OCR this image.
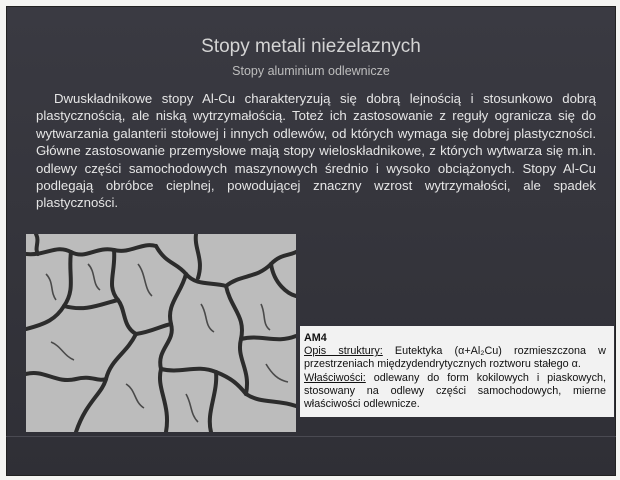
Stopy metali nieżelaznych
Stopy aluminium odlewnicze

Dwuskładnikowe stopy Al-Cu charakteryzują się dobrą lejnością i stosunkowo dobrą plastycznością, ale niską wytrzymałością. Toteż ich zastosowanie z reguły ogranicza się do wytwarzania galanterii stołowej i innych odlewów, od których wymaga się dobrej plastyczności. Główne zastosowanie przemysłowe mają stopy wieloskładnikowe, z których wytwarza się m.in. odlewy części samochodowych maszynowych średnio i wysoko obciążonych. Stopy Al-Cu podlegają obróbce cieplnej, powodującej znaczny wzrost wytrzymałości, ale spadek plastyczności.

AM4
Opis struktury: Eutektyka (α+Al₂Cu) rozmieszczona w przestrzeniach międzydendrytycznych roztworu stałego α.
Właściwości: odlewany do form kokilowych i piaskowych, stosowany na odlewy części samochodowych, mierne właściwości odlewnicze.
